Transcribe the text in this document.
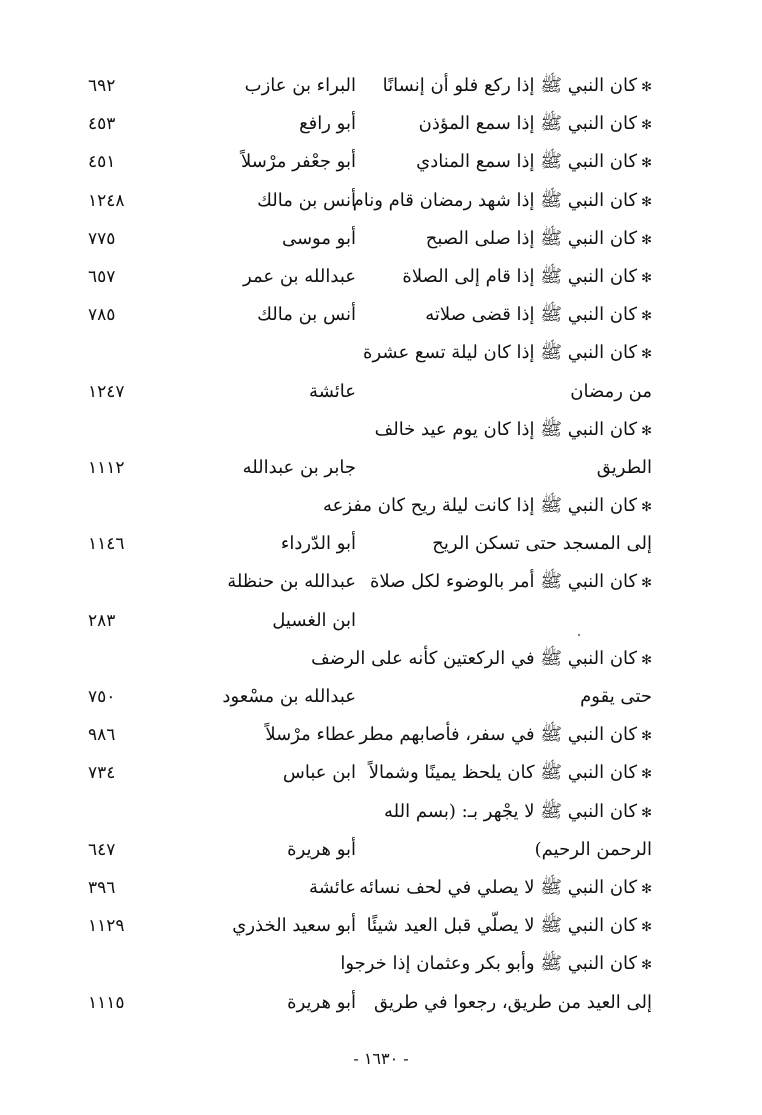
✻كان النبي ﷺ إذا ركع فلو أن إنسانًا
البراء بن عازب
٦٩٢
✻كان النبي ﷺ إذا سمع المؤذن
أبو رافع
٤٥٣
✻كان النبي ﷺ إذا سمع المنادي
أبو جعْفر مرْسلاً
٤٥١
✻كان النبي ﷺ إذا شهد رمضان قام ونام
أنس بن مالك
١٢٤٨
✻كان النبي ﷺ إذا صلى الصبح
أبو موسى
٧٧٥
✻كان النبي ﷺ إذا قام إلى الصلاة
عبدالله بن عمر
٦٥٧
✻كان النبي ﷺ إذا قضى صلاته
أنس بن مالك
٧٨٥
✻كان النبي ﷺ إذا كان ليلة تسع عشرة
من رمضان
عائشة
١٢٤٧
✻كان النبي ﷺ إذا كان يوم عيد خالف
الطريق
جابر بن عبدالله
١١١٢
✻كان النبي ﷺ إذا كانت ليلة ريح كان مفزعه
إلى المسجد حتى تسكن الريح
أبو الدّرداء
١١٤٦
✻كان النبي ﷺ أمر بالوضوء لكل صلاة
عبدالله بن حنظلة
ابن الغسيل
٢٨٣
✻كان النبي ﷺ في الركعتين كأنه على الرضف
حتى يقوم
عبدالله بن مسْعود
٧٥٠
✻كان النبي ﷺ في سفر، فأصابهم مطر
عطاء مرْسلاً
٩٨٦
✻كان النبي ﷺ كان يلحظ يمينًا وشمالاً
ابن عباس
٧٣٤
✻كان النبي ﷺ لا يجْهر بـ: (بسم الله
الرحمن الرحيم)
أبو هريرة
٦٤٧
✻كان النبي ﷺ لا يصلي في لحف نسائه
عائشة
٣٩٦
✻كان النبي ﷺ لا يصلّي قبل العيد شيئًا
أبو سعيد الخذري
١١٢٩
✻كان النبي ﷺ وأبو بكر وعثمان إذا خرجوا
إلى العيد من طريق، رجعوا في طريق
أبو هريرة
١١١٥
- ١٦٣٠ -
